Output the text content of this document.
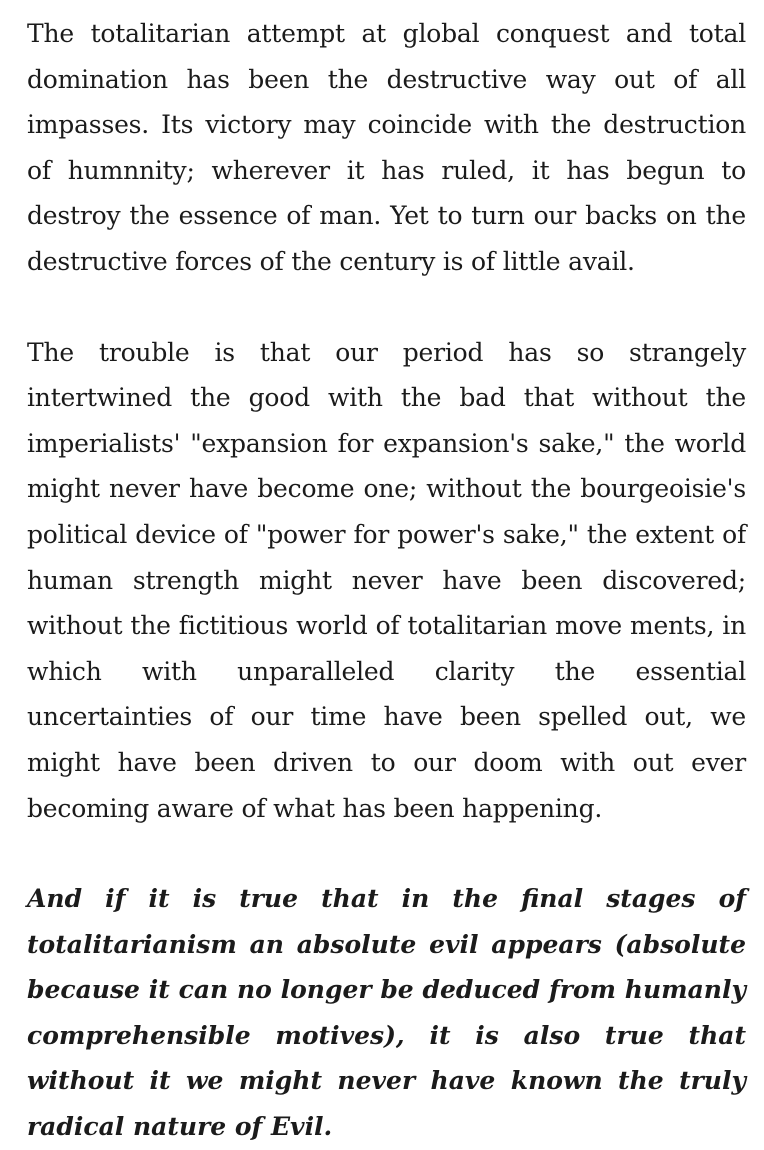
The totalitarian attempt at global conquest and total domination has been the destructive way out of all impasses. Its victory may coincide with the destruction of humnnity; wherever it has ruled, it has begun to destroy the essence of man. Yet to turn our backs on the destructive forces of the century is of little avail.

The trouble is that our period has so strangely intertwined the good with the bad that without the imperialists' "expansion for expansion's sake," the world might never have become one; without the bourgeoisie's political device of "power for power's sake," the extent of human strength might never have been discovered; without the fictitious world of totalitarian move ments, in which with unparalleled clarity the essential uncertainties of our time have been spelled out, we might have been driven to our doom with out ever becoming aware of what has been happening.

And if it is true that in the final stages of totalitarianism an absolute evil appears (absolute because it can no longer be deduced from humanly comprehensible motives), it is also true that without it we might never have known the truly radical nature of Evil.
